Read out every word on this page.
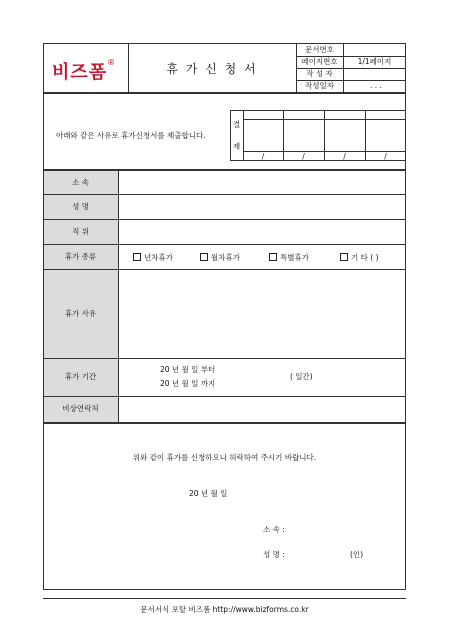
비즈폼®	휴 가 신 청 서
문서번호
페이지번호	1/1페이지
작 성 자
작성일자	. . .
아래와 같은 사유로 휴가신청서를 제출합니다.
결
재
/	/	/	/
소 속
성 명
직 위
휴가 종류	년차휴가	월차휴가	특별휴가	기 타 ( )
휴가 사유
휴가 기간
20 년 월 일 부터
20 년 월 일 까지
( 일간)
비상연락처
위와 같이 휴가를 신청하오니 허락하여 주시기 바랍니다.
20 년 월 일
소 속 :
성 명 :	(인)
문서서식 포탈 비즈폼 http://www.bizforms.co.kr
